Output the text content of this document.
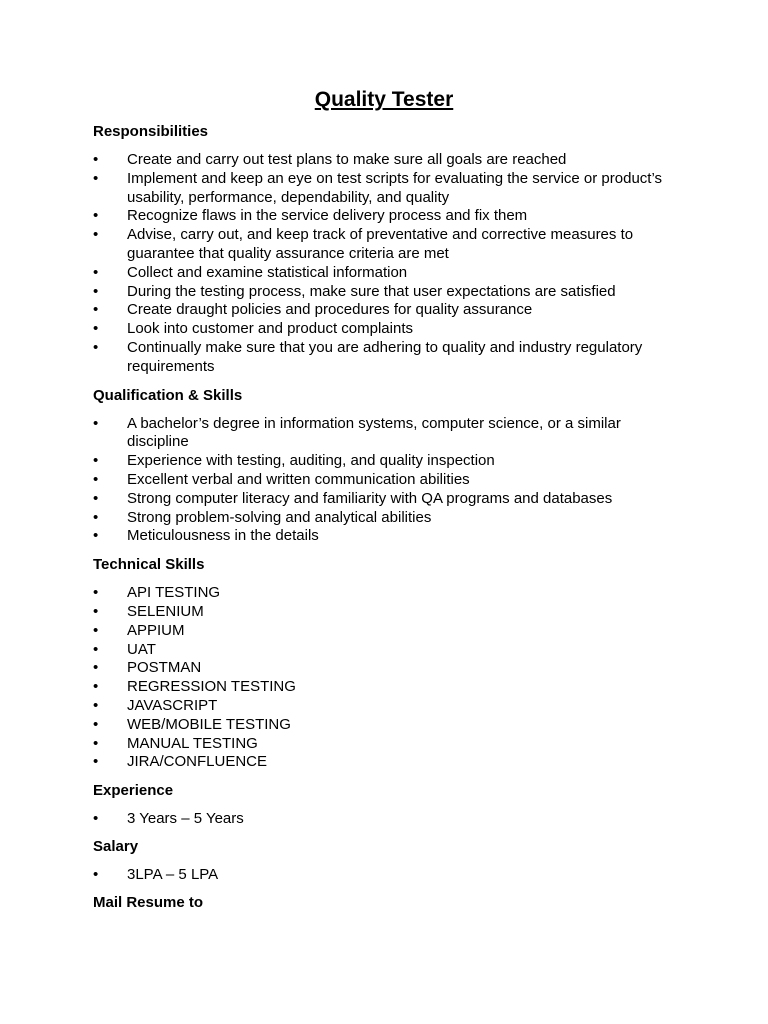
Quality Tester

Responsibilities

•	Create and carry out test plans to make sure all goals are reached
•	Implement and keep an eye on test scripts for evaluating the service or product’s usability, performance, dependability, and quality
•	Recognize flaws in the service delivery process and fix them
•	Advise, carry out, and keep track of preventative and corrective measures to guarantee that quality assurance criteria are met
•	Collect and examine statistical information
•	During the testing process, make sure that user expectations are satisfied
•	Create draught policies and procedures for quality assurance
•	Look into customer and product complaints
•	Continually make sure that you are adhering to quality and industry regulatory requirements

Qualification & Skills

•	A bachelor’s degree in information systems, computer science, or a similar discipline
•	Experience with testing, auditing, and quality inspection
•	Excellent verbal and written communication abilities
•	Strong computer literacy and familiarity with QA programs and databases
•	Strong problem-solving and analytical abilities
•	Meticulousness in the details

Technical Skills

•	API TESTING
•	SELENIUM
•	APPIUM
•	UAT
•	POSTMAN
•	REGRESSION TESTING
•	JAVASCRIPT
•	WEB/MOBILE TESTING
•	MANUAL TESTING
•	JIRA/CONFLUENCE

Experience

•	3 Years – 5 Years

Salary

•	3LPA – 5 LPA

Mail Resume to
